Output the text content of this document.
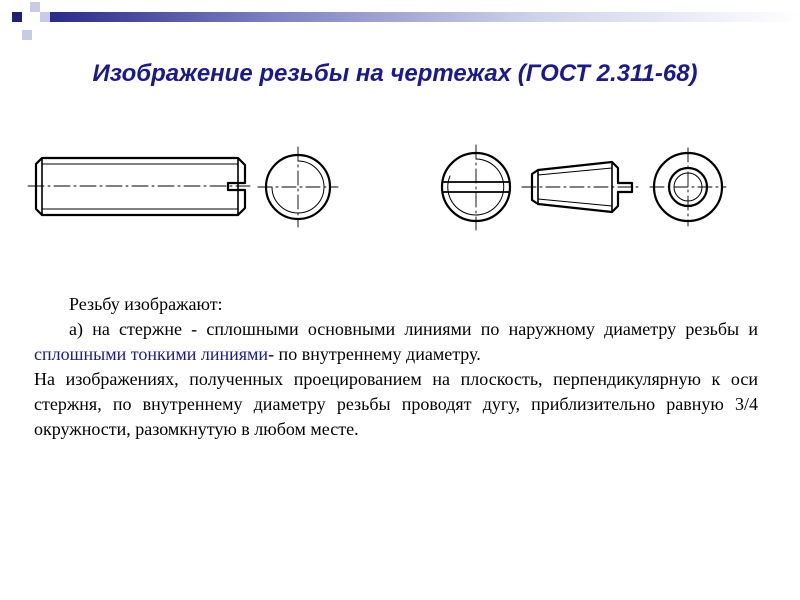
Изображение резьбы на чертежах (ГОСТ 2.311-68)

Резьбу изображают:

а) на стержне - сплошными основными линиями по наружному диаметру резьбы и сплошными тонкими линиями- по внутреннему диаметру.

На изображениях, полученных проецированием на плоскость, перпендикулярную к оси стержня, по внутреннему диаметру резьбы проводят дугу, приблизительно равную 3/4 окружности, разомкнутую в любом месте.
